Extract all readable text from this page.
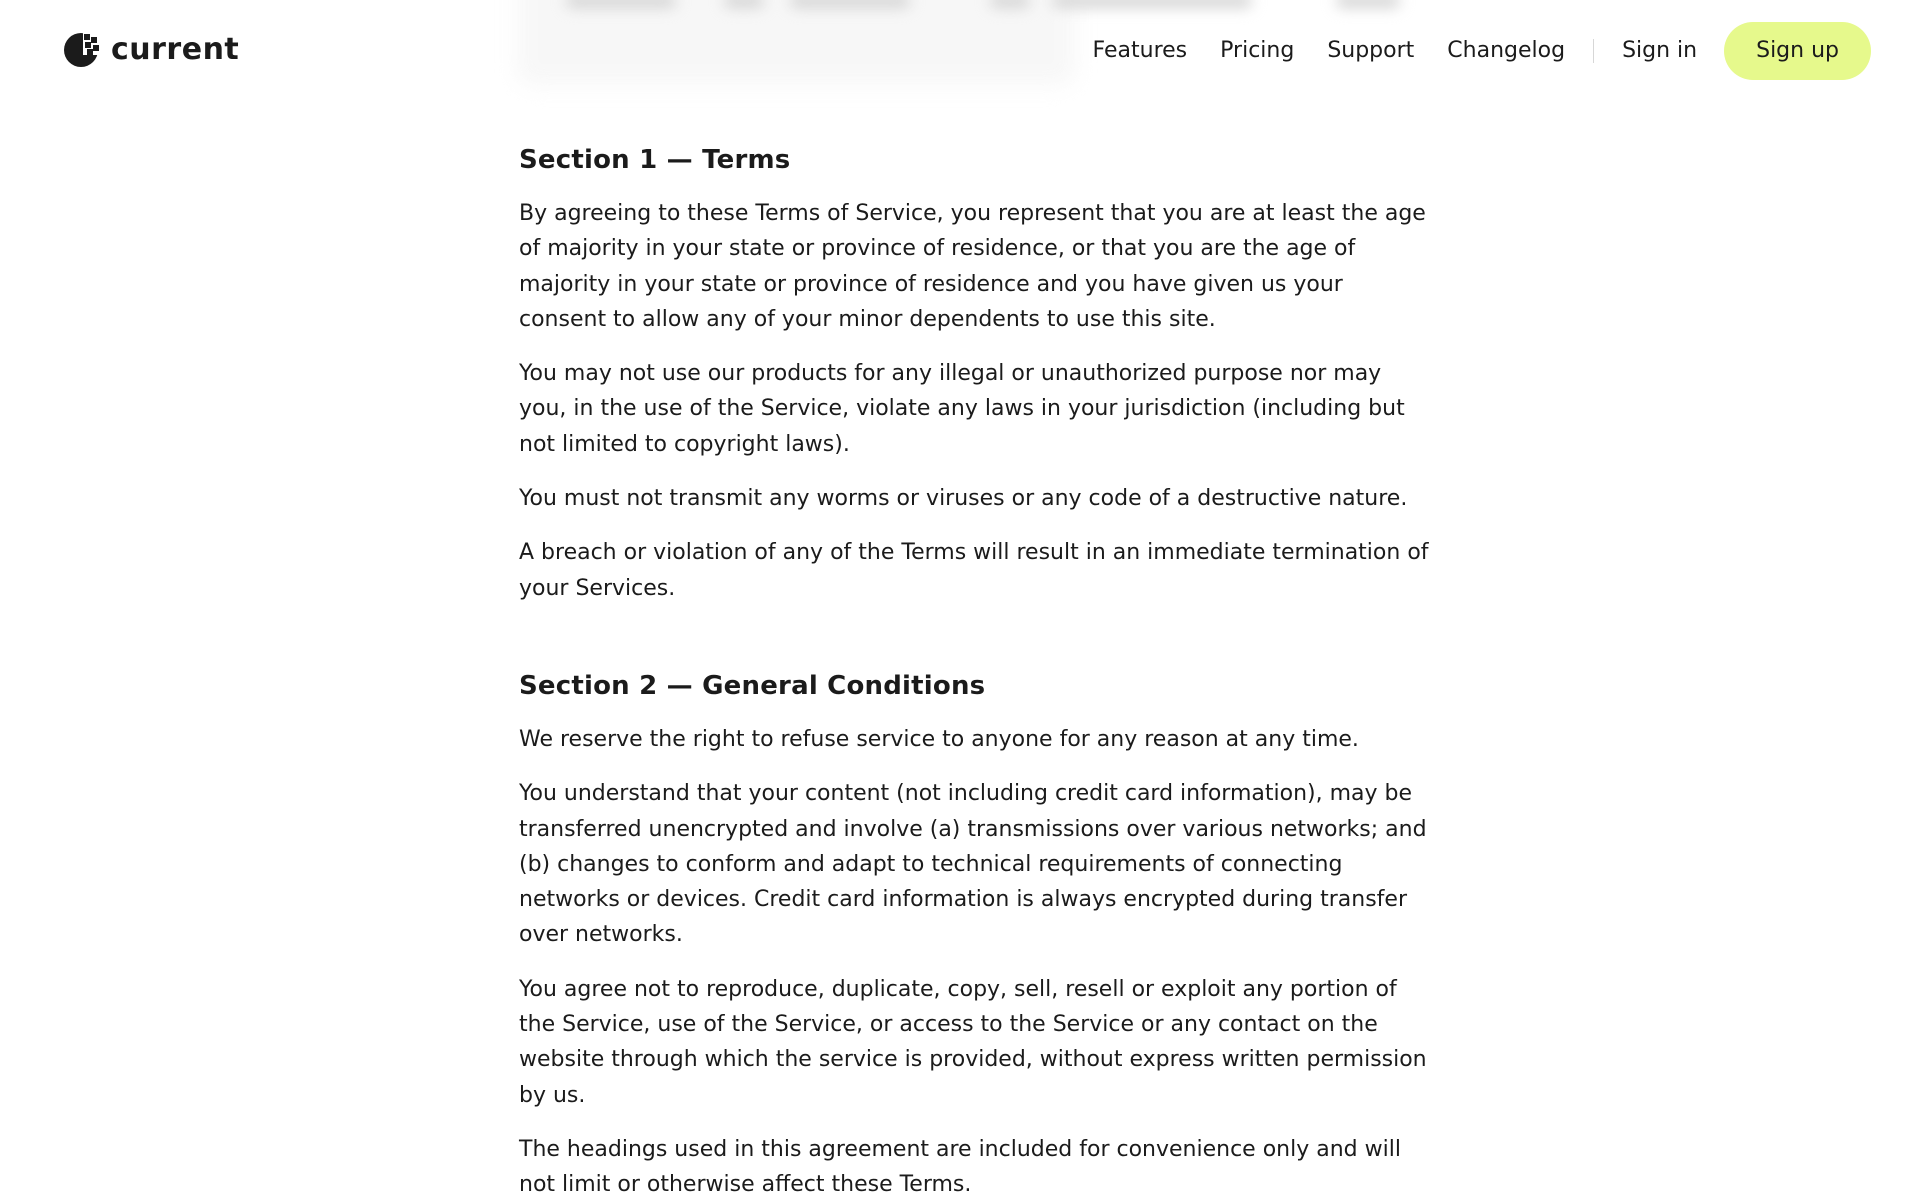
current	Features Pricing Support Changelog	Sign in	Sign up
Section 1 — Terms

By agreeing to these Terms of Service, you represent that you are at least the age of majority in your state or province of residence, or that you are the age of majority in your state or province of residence and you have given us your consent to allow any of your minor dependents to use this site.

You may not use our products for any illegal or unauthorized purpose nor may you, in the use of the Service, violate any laws in your jurisdiction (including but not limited to copyright laws).

You must not transmit any worms or viruses or any code of a destructive nature.

A breach or violation of any of the Terms will result in an immediate termination of your Services.

Section 2 — General Conditions

We reserve the right to refuse service to anyone for any reason at any time.

You understand that your content (not including credit card information), may be transferred unencrypted and involve (a) transmissions over various networks; and (b) changes to conform and adapt to technical requirements of connecting networks or devices. Credit card information is always encrypted during transfer over networks.

You agree not to reproduce, duplicate, copy, sell, resell or exploit any portion of the Service, use of the Service, or access to the Service or any contact on the website through which the service is provided, without express written permission by us.

The headings used in this agreement are included for convenience only and will not limit or otherwise affect these Terms.
